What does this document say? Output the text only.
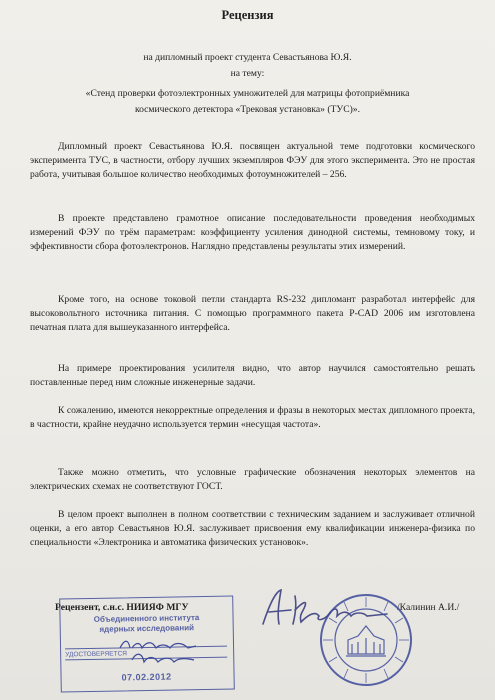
Рецензия
на дипломный проект студента Севастьянова Ю.Я.
на тему:
«Стенд проверки фотоэлектронных умножителей для матрицы фотоприёмника
космического детектора «Трековая установка» (ТУС)».
Дипломный проект Севастьянова Ю.Я. посвящен актуальной теме подготовки космического эксперимента ТУС, в частности, отбору лучших экземпляров ФЭУ для этого эксперимента. Это не простая работа, учитывая большое количество необходимых фотоумножителей – 256.
В проекте представлено грамотное описание последовательности проведения необходимых измерений ФЭУ по трём параметрам: коэффициенту усиления динодной системы, темновому току, и эффективности сбора фотоэлектронов. Наглядно представлены результаты этих измерений.
Кроме того, на основе токовой петли стандарта RS-232 дипломант разработал интерфейс для высоковольтного источника питания. С помощью программного пакета P-CAD 2006 им изготовлена печатная плата для вышеуказанного интерфейса.
На примере проектирования усилителя видно, что автор научился самостоятельно решать поставленные перед ним сложные инженерные задачи.
К сожалению, имеются некорректные определения и фразы в некоторых местах дипломного проекта, в частности, крайне неудачно используется термин «несущая частота».
Также можно отметить, что условные графические обозначения некоторых элементов на электрических схемах не соответствуют ГОСТ.
В целом проект выполнен в полном соответствии с техническим заданием и заслуживает отличной оценки, а его автор Севастьянов Ю.Я. заслуживает присвоения ему квалификации инженера-физика по специальности «Электроника и автоматика физических установок».
Рецензент, с.н.с. НИИЯФ МГУ	/Калинин А.И./
Объединенного института
ядерных исследований
УДОСТОВЕРЯЕТСЯ
07.02.2012
